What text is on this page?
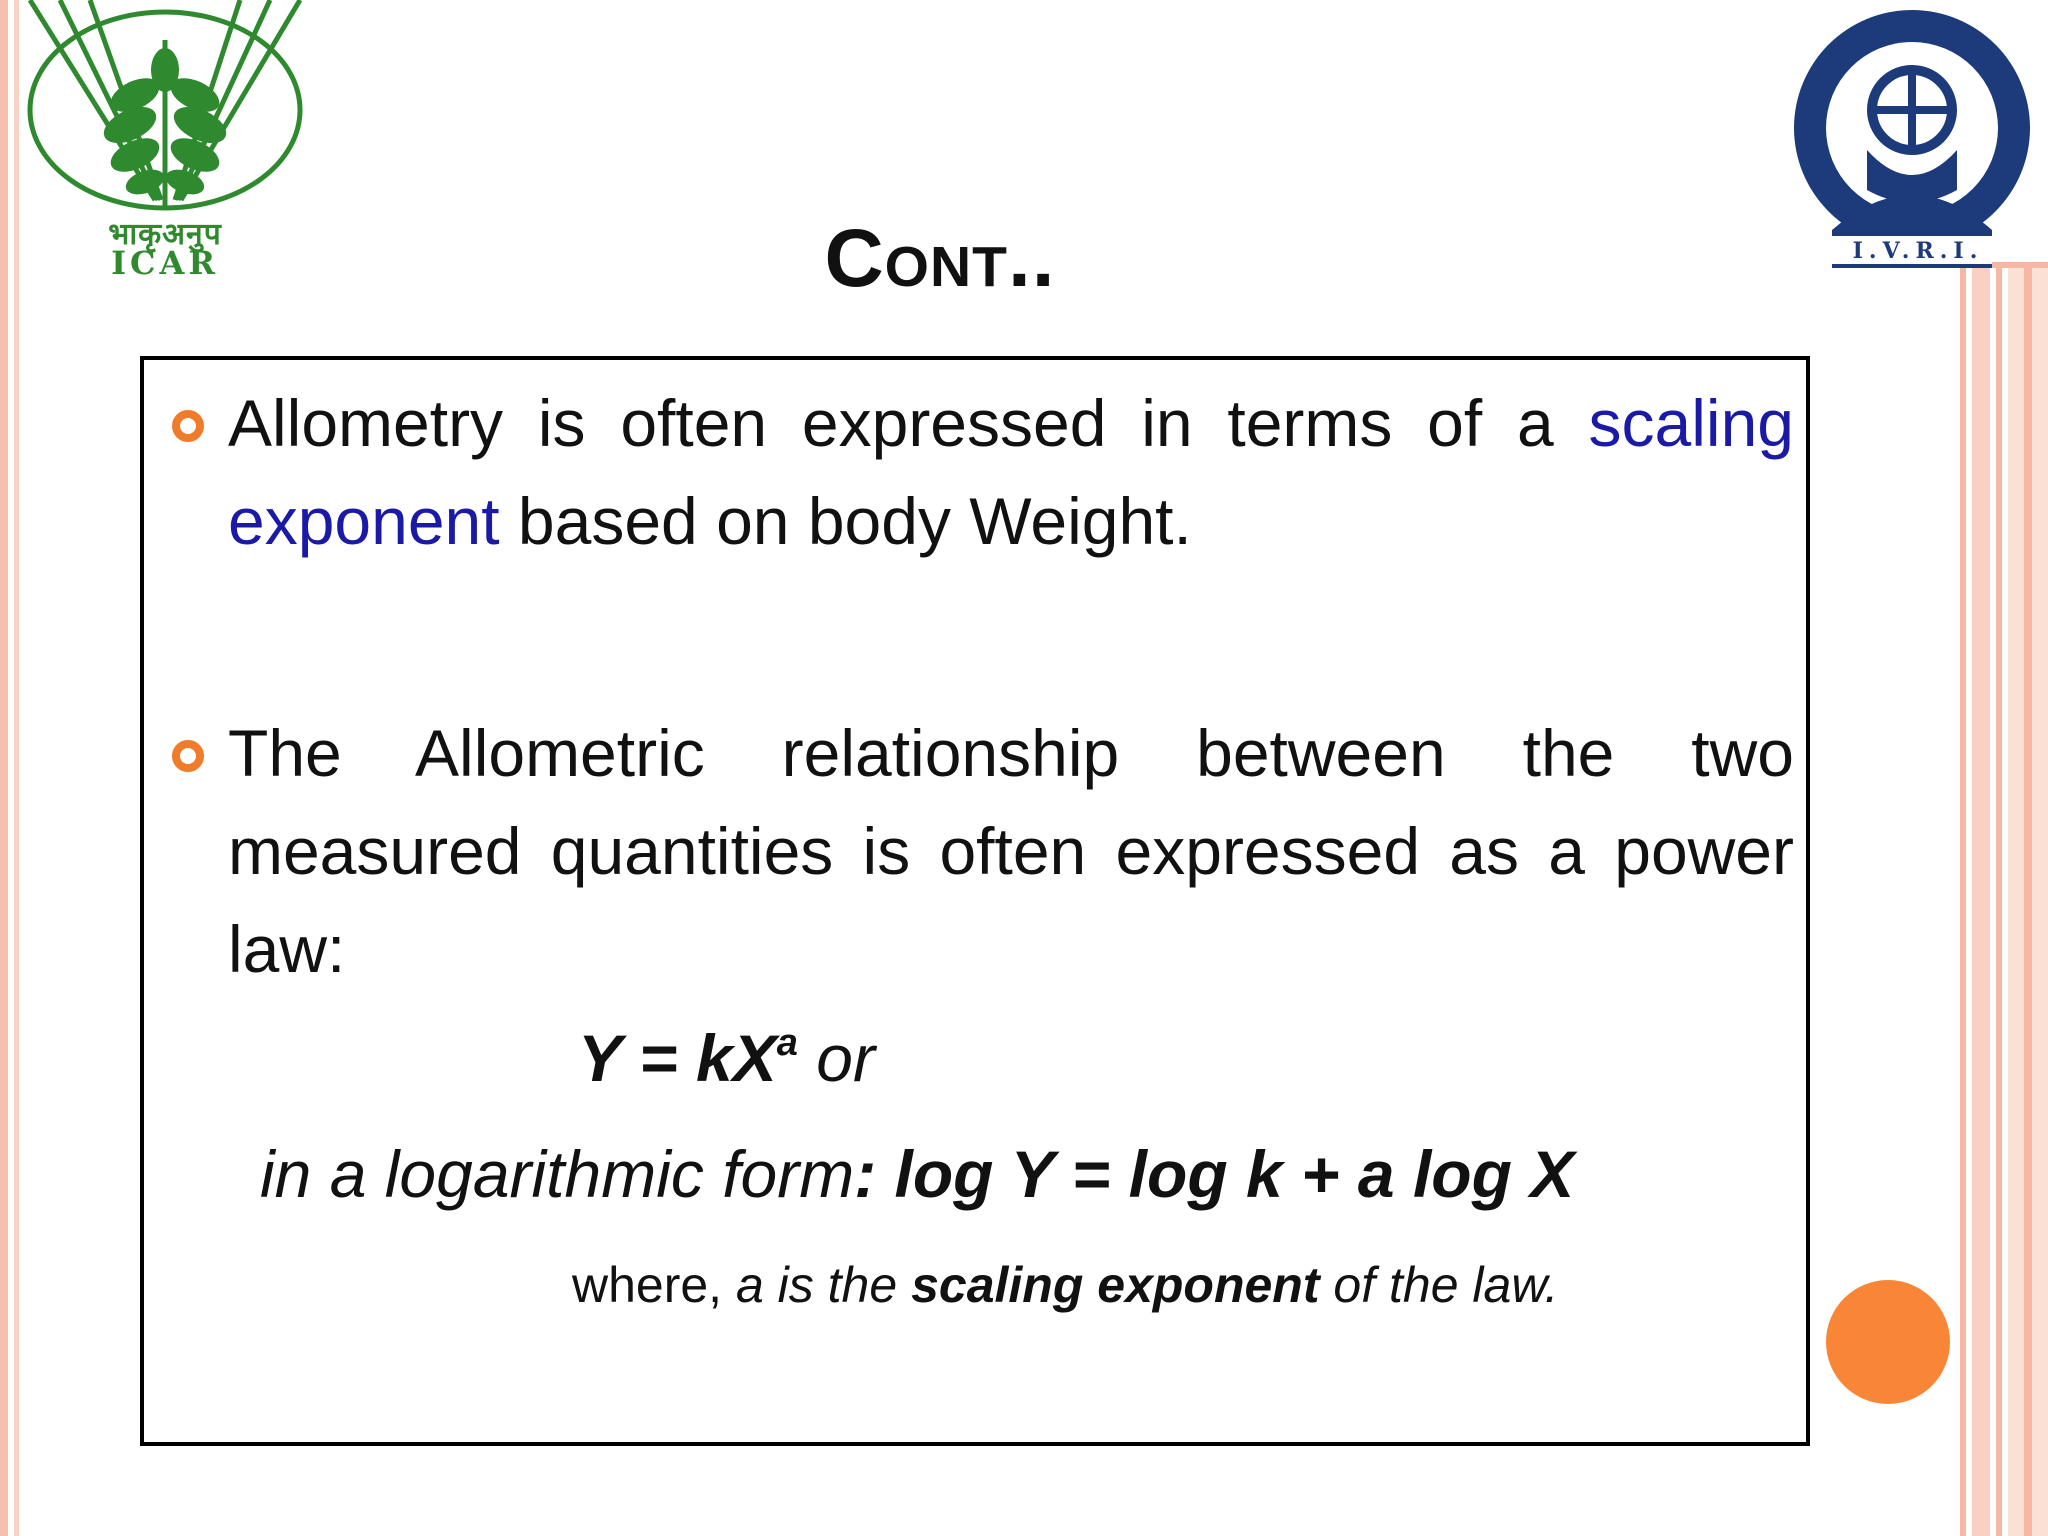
भाकृअनुप
ICAR	I.V.R.I.
Cont..
Allometry is often expressed in terms of a scaling exponent based on body Weight.
The Allometric relationship between the two measured quantities is often expressed as a power law:
$Y = kX^a$ or
in a logarithmic form: log Y = log k + a log X
where, a is the scaling exponent of the law.
